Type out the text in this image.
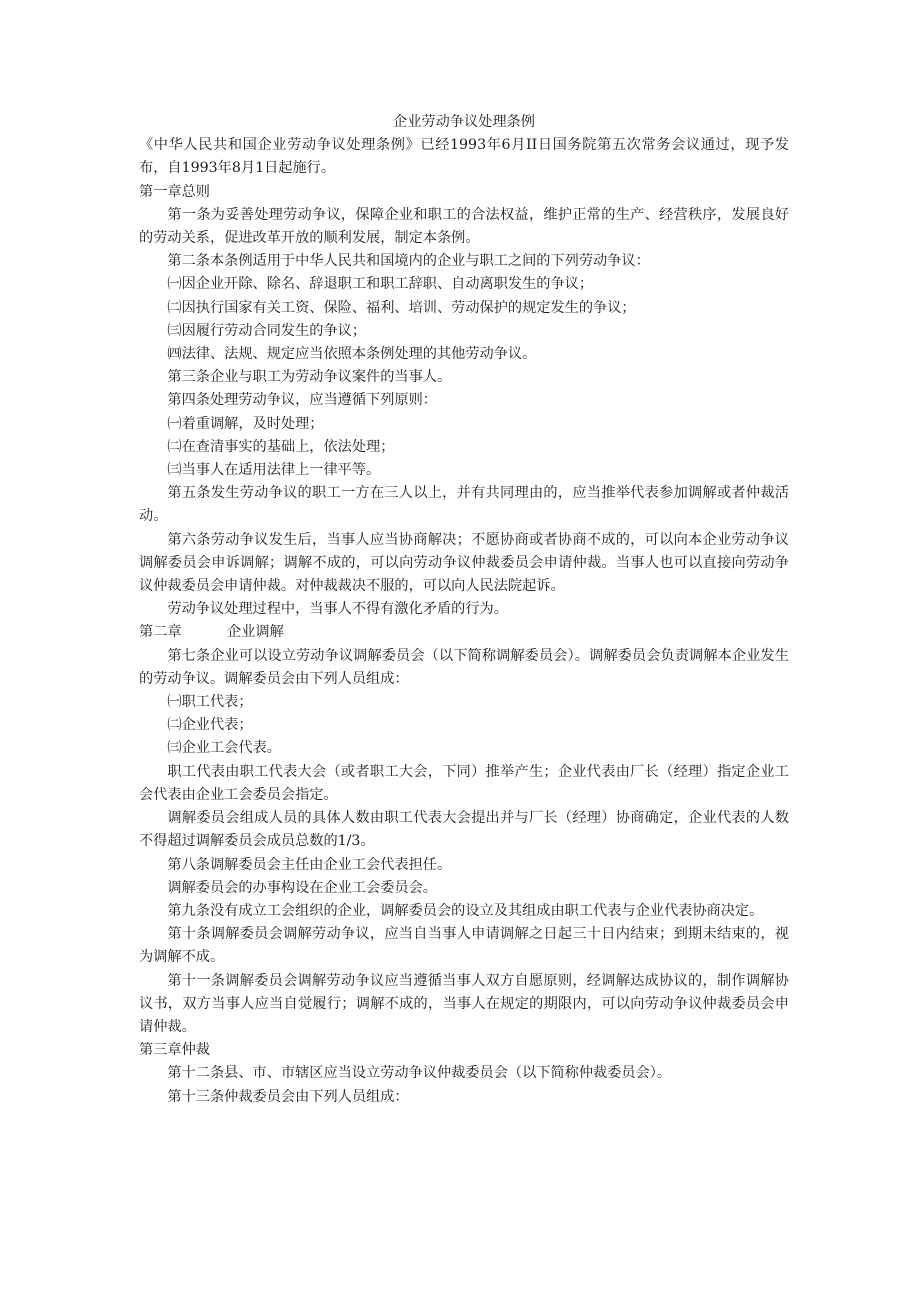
企业劳动争议处理条例

《中华人民共和国企业劳动争议处理条例》已经1993年6月II日国务院第五次常务会议通过，现予发布，自1993年8月1日起施行。

第一章总则

第一条为妥善处理劳动争议，保障企业和职工的合法权益，维护正常的生产、经营秩序，发展良好的劳动关系，促进改革开放的顺利发展，制定本条例。

第二条本条例适用于中华人民共和国境内的企业与职工之间的下列劳动争议：

㈠因企业开除、除名、辞退职工和职工辞职、自动离职发生的争议；

㈡因执行国家有关工资、保险、福利、培训、劳动保护的规定发生的争议；

㈢因履行劳动合同发生的争议；

㈣法律、法规、规定应当依照本条例处理的其他劳动争议。

第三条企业与职工为劳动争议案件的当事人。

第四条处理劳动争议，应当遵循下列原则：

㈠着重调解，及时处理；

㈡在查清事实的基础上，依法处理；

㈢当事人在适用法律上一律平等。

第五条发生劳动争议的职工一方在三人以上，并有共同理由的，应当推举代表参加调解或者仲裁活动。

第六条劳动争议发生后，当事人应当协商解决；不愿协商或者协商不成的，可以向本企业劳动争议调解委员会申诉调解；调解不成的，可以向劳动争议仲裁委员会申请仲裁。当事人也可以直接向劳动争议仲裁委员会申请仲裁。对仲裁裁决不服的，可以向人民法院起诉。

劳动争议处理过程中，当事人不得有激化矛盾的行为。

第二章	企业调解

第七条企业可以设立劳动争议调解委员会（以下简称调解委员会）。调解委员会负责调解本企业发生的劳动争议。调解委员会由下列人员组成：

㈠职工代表；

㈡企业代表；

㈢企业工会代表。

职工代表由职工代表大会（或者职工大会，下同）推举产生；企业代表由厂长（经理）指定企业工会代表由企业工会委员会指定。

调解委员会组成人员的具体人数由职工代表大会提出并与厂长（经理）协商确定，企业代表的人数不得超过调解委员会成员总数的1/3。

第八条调解委员会主任由企业工会代表担任。

调解委员会的办事构设在企业工会委员会。

第九条没有成立工会组织的企业，调解委员会的设立及其组成由职工代表与企业代表协商决定。

第十条调解委员会调解劳动争议，应当自当事人申请调解之日起三十日内结束；到期未结束的，视为调解不成。

第十一条调解委员会调解劳动争议应当遵循当事人双方自愿原则，经调解达成协议的，制作调解协议书，双方当事人应当自觉履行；调解不成的，当事人在规定的期限内，可以向劳动争议仲裁委员会申请仲裁。

第三章仲裁

第十二条县、市、市辖区应当设立劳动争议仲裁委员会（以下简称仲裁委员会）。

第十三条仲裁委员会由下列人员组成：
